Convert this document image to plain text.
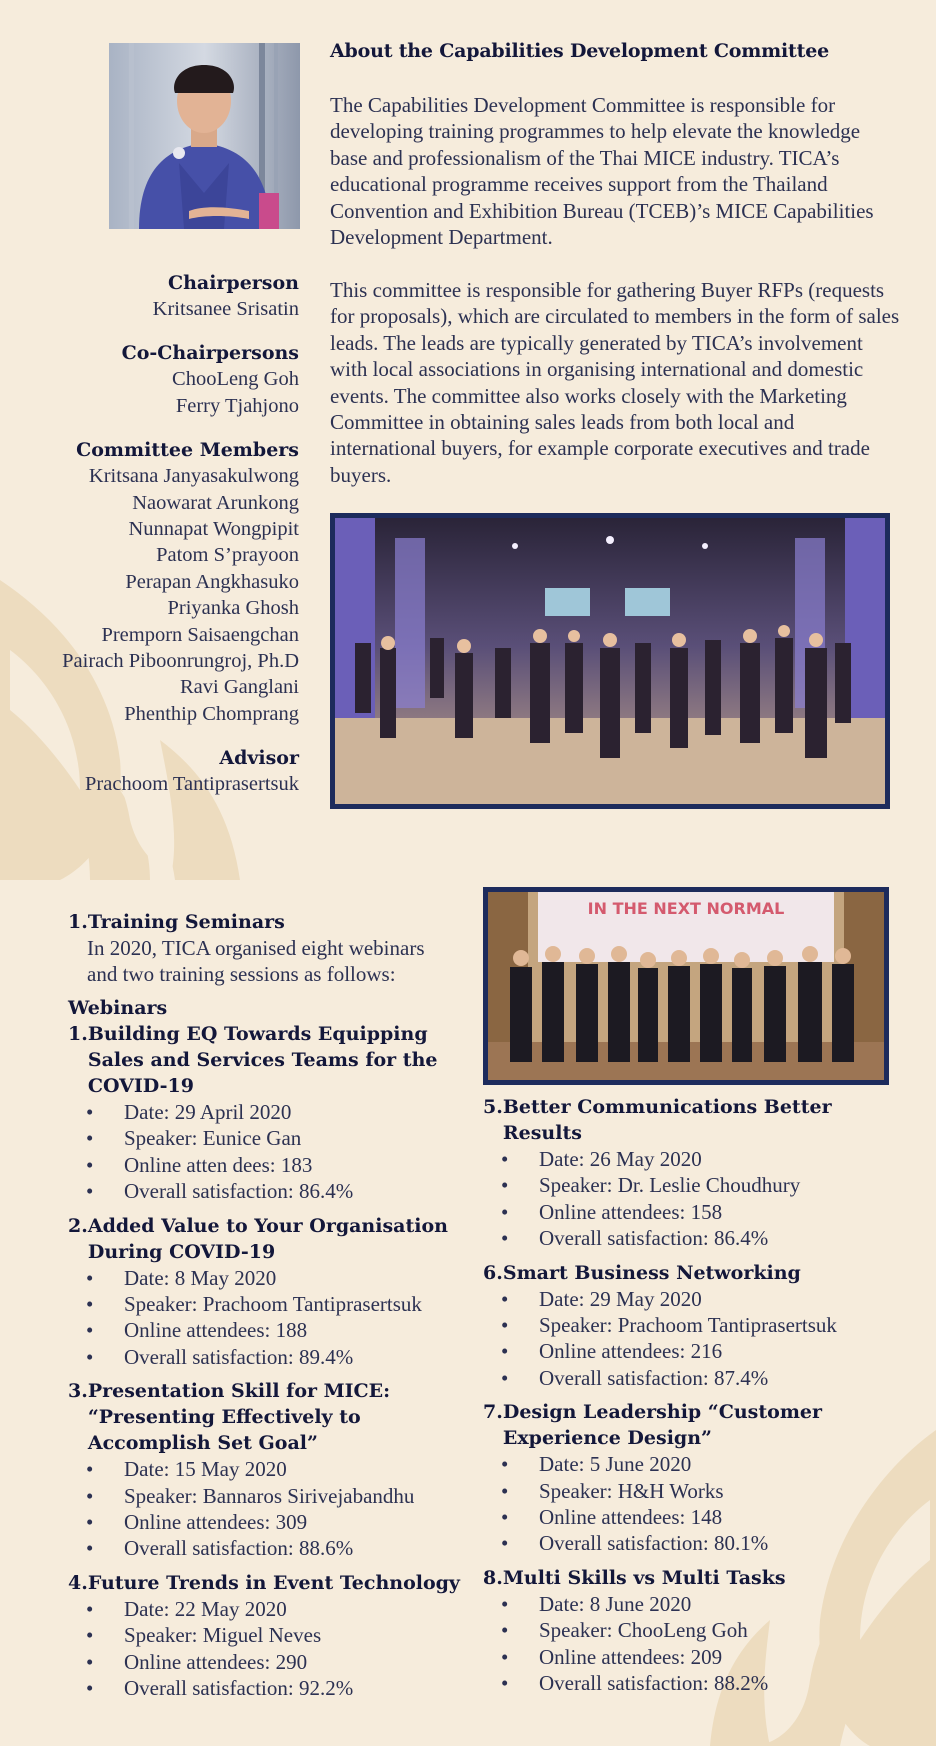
About the Capabilities Development Committee
The Capabilities Development Committee is responsible for developing training programmes to help elevate the knowledge base and professionalism of the Thai MICE industry. TICA’s educational programme receives support from the Thailand Convention and Exhibition Bureau (TCEB)’s MICE Capabilities Development Department.
This committee is responsible for gathering Buyer RFPs (requests for proposals), which are circulated to members in the form of sales leads. The leads are typically generated by TICA’s involvement with local associations in organising international and domestic events. The committee also works closely with the Marketing Committee in obtaining sales leads from both local and international buyers, for example corporate executives and trade buyers.
Chairperson
Kritsanee Srisatin
Co-Chairpersons
ChooLeng Goh
Ferry Tjahjono
Committee Members
Kritsana Janyasakulwong
Naowarat Arunkong
Nunnapat Wongpipit
Patom S’prayoon
Perapan Angkhasuko
Priyanka Ghosh
Premporn Saisaengchan
Pairach Piboonrungroj, Ph.D
Ravi Ganglani
Phenthip Chomprang
Advisor
Prachoom Tantiprasertsuk
IN THE NEXT NORMAL
1.Training Seminars
In 2020, TICA organised eight webinars
and two training sessions as follows:
Webinars
1. Building EQ Towards Equipping Sales and Services Teams for the COVID-19
• Date: 29 April 2020
• Speaker: Eunice Gan
• Online atten dees: 183
• Overall satisfaction: 86.4%
2. Added Value to Your Organisation During COVID-19
• Date: 8 May 2020
• Speaker: Prachoom Tantiprasertsuk
• Online attendees: 188
• Overall satisfaction: 89.4%
3. Presentation Skill for MICE: “Presenting Effectively to Accomplish Set Goal”
• Date: 15 May 2020
• Speaker: Bannaros Sirivejabandhu
• Online attendees: 309
• Overall satisfaction: 88.6%
4. Future Trends in Event Technology
• Date: 22 May 2020
• Speaker: Miguel Neves
• Online attendees: 290
• Overall satisfaction: 92.2%
5. Better Communications Better Results
• Date: 26 May 2020
• Speaker: Dr. Leslie Choudhury
• Online attendees: 158
• Overall satisfaction: 86.4%
6. Smart Business Networking
• Date: 29 May 2020
• Speaker: Prachoom Tantiprasertsuk
• Online attendees: 216
• Overall satisfaction: 87.4%
7. Design Leadership “Customer Experience Design”
• Date: 5 June 2020
• Speaker: H&H Works
• Online attendees: 148
• Overall satisfaction: 80.1%
8. Multi Skills vs Multi Tasks
• Date: 8 June 2020
• Speaker: ChooLeng Goh
• Online attendees: 209
• Overall satisfaction: 88.2%
